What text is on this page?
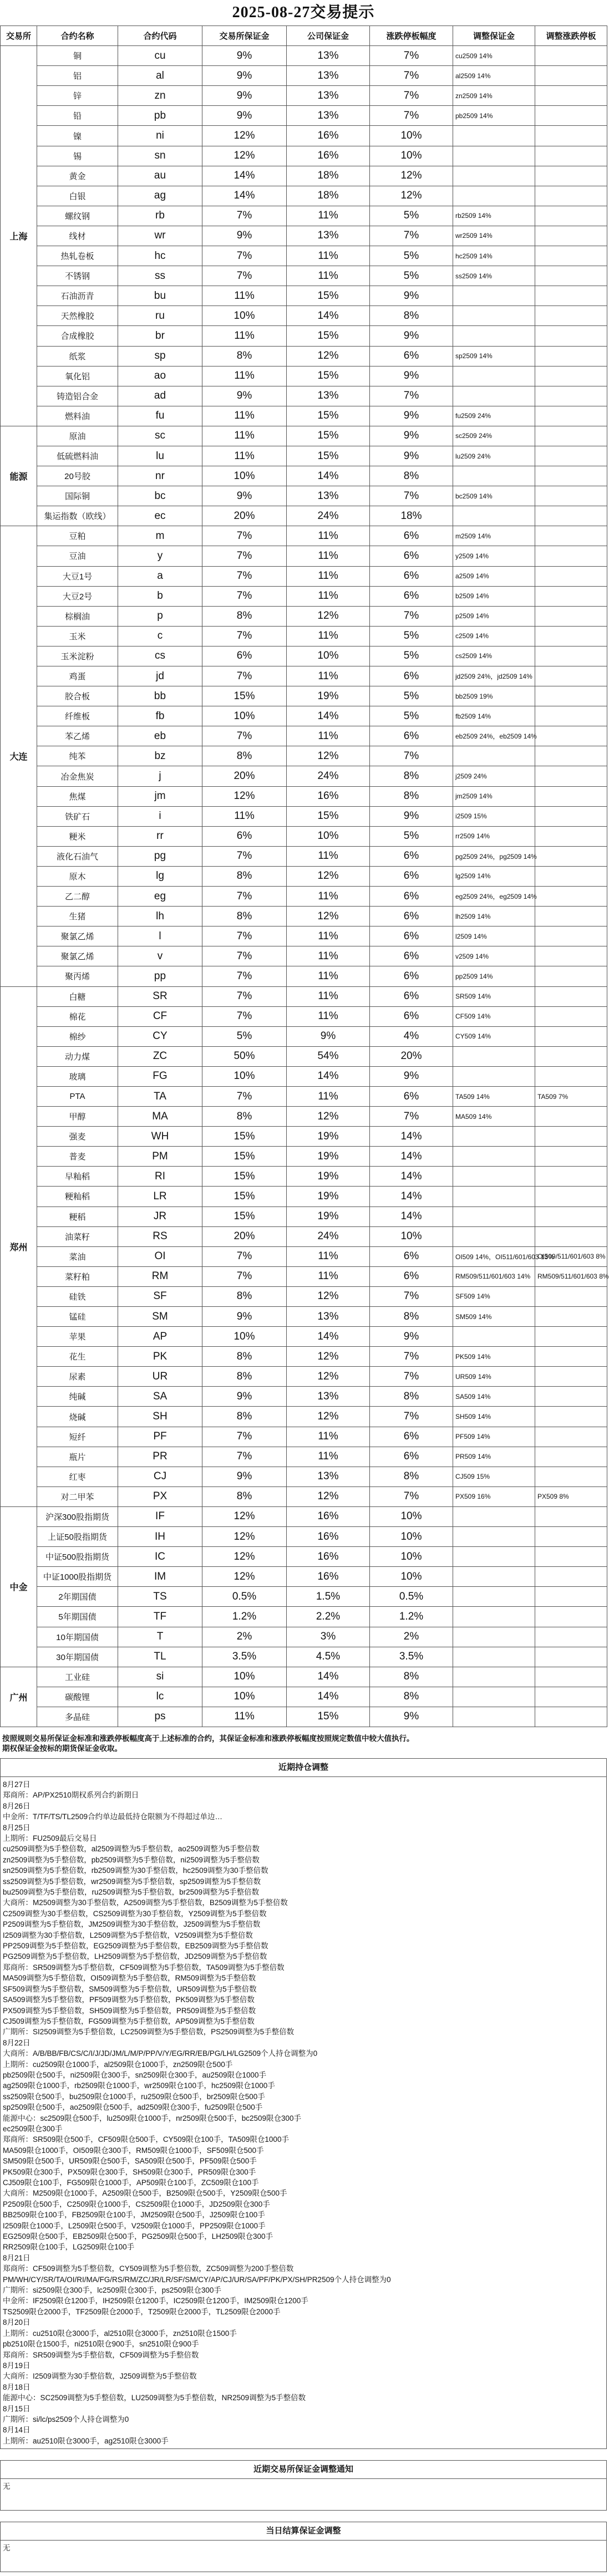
2025-08-27交易提示
交易所	合约名称	合约代码	交易所保证金	公司保证金	涨跌停板幅度	调整保证金	调整涨跌停板
上海	铜	cu	9%	13%	7%	cu2509 14%	
	铝	al	9%	13%	7%	al2509 14%	
	锌	zn	9%	13%	7%	zn2509 14%	
	铅	pb	9%	13%	7%	pb2509 14%	
	镍	ni	12%	16%	10%		
	锡	sn	12%	16%	10%		
	黄金	au	14%	18%	12%		
	白银	ag	14%	18%	12%		
	螺纹钢	rb	7%	11%	5%	rb2509 14%	
	线材	wr	9%	13%	7%	wr2509 14%	
	热轧卷板	hc	7%	11%	5%	hc2509 14%	
	不锈钢	ss	7%	11%	5%	ss2509 14%	
	石油沥青	bu	11%	15%	9%		
	天然橡胶	ru	10%	14%	8%		
	合成橡胶	br	11%	15%	9%		
	纸浆	sp	8%	12%	6%	sp2509 14%	
	氧化铝	ao	11%	15%	9%		
	铸造铝合金	ad	9%	13%	7%		
	燃料油	fu	11%	15%	9%	fu2509 24%	
能源	原油	sc	11%	15%	9%	sc2509 24%	
	低硫燃料油	lu	11%	15%	9%	lu2509 24%	
	20号胶	nr	10%	14%	8%		
	国际铜	bc	9%	13%	7%	bc2509 14%	
	集运指数（欧线）	ec	20%	24%	18%		
大连	豆粕	m	7%	11%	6%	m2509 14%	
	豆油	y	7%	11%	6%	y2509 14%	
	大豆1号	a	7%	11%	6%	a2509 14%	
	大豆2号	b	7%	11%	6%	b2509 14%	
	棕榈油	p	8%	12%	7%	p2509 14%	
	玉米	c	7%	11%	5%	c2509 14%	
	玉米淀粉	cs	6%	10%	5%	cs2509 14%	
	鸡蛋	jd	7%	11%	6%	jd2509 24%，jd2509 14%	
	胶合板	bb	15%	19%	5%	bb2509 19%	
	纤维板	fb	10%	14%	5%	fb2509 14%	
	苯乙烯	eb	7%	11%	6%	eb2509 24%，eb2509 14%	
	纯苯	bz	8%	12%	7%		
	冶金焦炭	j	20%	24%	8%	j2509 24%	
	焦煤	jm	12%	16%	8%	jm2509 14%	
	铁矿石	i	11%	15%	9%	i2509 15%	
	粳米	rr	6%	10%	5%	rr2509 14%	
	液化石油气	pg	7%	11%	6%	pg2509 24%，pg2509 14%	
	原木	lg	8%	12%	6%	lg2509 14%	
	乙二醇	eg	7%	11%	6%	eg2509 24%，eg2509 14%	
	生猪	lh	8%	12%	6%	lh2509 14%	
	聚氯乙烯	l	7%	11%	6%	l2509 14%	
	聚氯乙烯	v	7%	11%	6%	v2509 14%	
	聚丙烯	pp	7%	11%	6%	pp2509 14%	
郑州	白糖	SR	7%	11%	6%	SR509 14%	
	棉花	CF	7%	11%	6%	CF509 14%	
	棉纱	CY	5%	9%	4%	CY509 14%	
	动力煤	ZC	50%	54%	20%		
	玻璃	FG	10%	14%	9%		
	PTA	TA	7%	11%	6%	TA509 14%	TA509 7%
	甲醇	MA	8%	12%	7%	MA509 14%	
	强麦	WH	15%	19%	14%		
	普麦	PM	15%	19%	14%		
	早籼稻	RI	15%	19%	14%		
	粳籼稻	LR	15%	19%	14%		
	粳稻	JR	15%	19%	14%		
	油菜籽	RS	20%	24%	10%		
	菜油	OI	7%	11%	6%	OI509 14%，OI511/601/603 13%	OI509/511/601/603 8%
	菜籽粕	RM	7%	11%	6%	RM509/511/601/603 14%	RM509/511/601/603 8%
	硅铁	SF	8%	12%	7%	SF509 14%	
	锰硅	SM	9%	13%	8%	SM509 14%	
	苹果	AP	10%	14%	9%		
	花生	PK	8%	12%	7%	PK509 14%	
	尿素	UR	8%	12%	7%	UR509 14%	
	纯碱	SA	9%	13%	8%	SA509 14%	
	烧碱	SH	8%	12%	7%	SH509 14%	
	短纤	PF	7%	11%	6%	PF509 14%	
	瓶片	PR	7%	11%	6%	PR509 14%	
	红枣	CJ	9%	13%	8%	CJ509 15%	
	对二甲苯	PX	8%	12%	7%	PX509 16%	PX509 8%
中金	沪深300股指期货	IF	12%	16%	10%		
	上证50股指期货	IH	12%	16%	10%		
	中证500股指期货	IC	12%	16%	10%		
	中证1000股指期货	IM	12%	16%	10%		
	2年期国债	TS	0.5%	1.5%	0.5%		
	5年期国债	TF	1.2%	2.2%	1.2%		
	10年期国债	T	2%	3%	2%		
	30年期国债	TL	3.5%	4.5%	3.5%		
广州	工业硅	si	10%	14%	8%		
	碳酸锂	lc	10%	14%	8%		
	多晶硅	ps	11%	15%	9%		
按照规则交易所保证金标准和涨跌停板幅度高于上述标准的合约，其保证金标准和涨跌停板幅度按照规定数值中较大值执行。
期权保证金按标的期货保证金收取。
近期持仓调整
8月27日
郑商所：AP/PX2510期权系列合约新期日
8月26日
中金所：T/TF/TS/TL2509合约单边最低持仓限额为不得超过单边…
8月25日
上期所：FU2509最后交易日
cu2509调整为5手整倍数，al2509调整为5手整倍数，ao2509调整为5手整倍数
zn2509调整为5手整倍数，pb2509调整为5手整倍数，ni2509调整为5手整倍数
sn2509调整为5手整倍数，rb2509调整为30手整倍数，hc2509调整为30手整倍数
ss2509调整为5手整倍数，wr2509调整为5手整倍数，sp2509调整为5手整倍数
bu2509调整为5手整倍数，ru2509调整为5手整倍数，br2509调整为5手整倍数
大商所：M2509调整为30手整倍数，A2509调整为5手整倍数，B2509调整为5手整倍数
C2509调整为30手整倍数，CS2509调整为30手整倍数，Y2509调整为5手整倍数
P2509调整为5手整倍数，JM2509调整为30手整倍数，J2509调整为5手整倍数
I2509调整为30手整倍数，L2509调整为5手整倍数，V2509调整为5手整倍数
PP2509调整为5手整倍数，EG2509调整为5手整倍数，EB2509调整为5手整倍数
PG2509调整为5手整倍数，LH2509调整为5手整倍数，JD2509调整为5手整倍数
郑商所：SR509调整为5手整倍数，CF509调整为5手整倍数，TA509调整为5手整倍数
MA509调整为5手整倍数，OI509调整为5手整倍数，RM509调整为5手整倍数
SF509调整为5手整倍数，SM509调整为5手整倍数，UR509调整为5手整倍数
SA509调整为5手整倍数，PF509调整为5手整倍数，PK509调整为5手整倍数
PX509调整为5手整倍数，SH509调整为5手整倍数，PR509调整为5手整倍数
CJ509调整为5手整倍数，FG509调整为5手整倍数，AP509调整为5手整倍数
广期所：SI2509调整为5手整倍数，LC2509调整为5手整倍数，PS2509调整为5手整倍数
8月22日
大商所：A/B/BB/FB/CS/C/I/J/JD/JM/L/M/P/PP/V/Y/EG/RR/EB/PG/LH/LG2509个人持仓调整为0
上期所：cu2509限仓1000手，al2509限仓1000手，zn2509限仓500手
pb2509限仓500手，ni2509限仓300手，sn2509限仓300手，au2509限仓1000手
ag2509限仓1000手，rb2509限仓1000手，wr2509限仓100手，hc2509限仓1000手
ss2509限仓500手，bu2509限仓1000手，ru2509限仓500手，br2509限仓500手
sp2509限仓500手，ao2509限仓500手，ad2509限仓300手，fu2509限仓500手
能源中心：sc2509限仓500手，lu2509限仓1000手，nr2509限仓500手，bc2509限仓300手
ec2509限仓300手
郑商所：SR509限仓500手，CF509限仓500手，CY509限仓100手，TA509限仓1000手
MA509限仓1000手，OI509限仓300手，RM509限仓1000手，SF509限仓500手
SM509限仓500手，UR509限仓500手，SA509限仓500手，PF509限仓500手
PK509限仓300手，PX509限仓300手，SH509限仓300手，PR509限仓300手
CJ509限仓100手，FG509限仓1000手，AP509限仓100手，ZC509限仓100手
大商所：M2509限仓1000手，A2509限仓500手，B2509限仓500手，Y2509限仓500手
P2509限仓500手，C2509限仓1000手，CS2509限仓1000手，JD2509限仓300手
BB2509限仓100手，FB2509限仓100手，JM2509限仓500手，J2509限仓100手
I2509限仓1000手，L2509限仓500手，V2509限仓1000手，PP2509限仓1000手
EG2509限仓500手，EB2509限仓500手，PG2509限仓500手，LH2509限仓300手
RR2509限仓100手，LG2509限仓100手
8月21日
郑商所：CF509调整为5手整倍数，CY509调整为5手整倍数，ZC509调整为200手整倍数
PM/WH/CY/SR/TA/OI/RI/MA/FG/RS/RM/ZC/JR/LR/SF/SM/CY/AP/CJ/UR/SA/PF/PK/PX/SH/PR2509个人持仓调整为0
广期所：si2509限仓300手，lc2509限仓300手，ps2509限仓300手
中金所：IF2509限仓1200手，IH2509限仓1200手，IC2509限仓1200手，IM2509限仓1200手
TS2509限仓2000手，TF2509限仓2000手，T2509限仓2000手，TL2509限仓2000手
8月20日
上期所：cu2510限仓3000手，al2510限仓3000手，zn2510限仓1500手
pb2510限仓1500手，ni2510限仓900手，sn2510限仓900手
郑商所：SR509调整为5手整倍数，CF509调整为5手整倍数
8月19日
大商所：I2509调整为30手整倍数，J2509调整为5手整倍数
8月18日
能源中心：SC2509调整为5手整倍数，LU2509调整为5手整倍数，NR2509调整为5手整倍数
8月15日
广期所：si/lc/ps2509个人持仓调整为0
8月14日
上期所：au2510限仓3000手，ag2510限仓3000手
近期交易所保证金调整通知
无
当日结算保证金调整
无
